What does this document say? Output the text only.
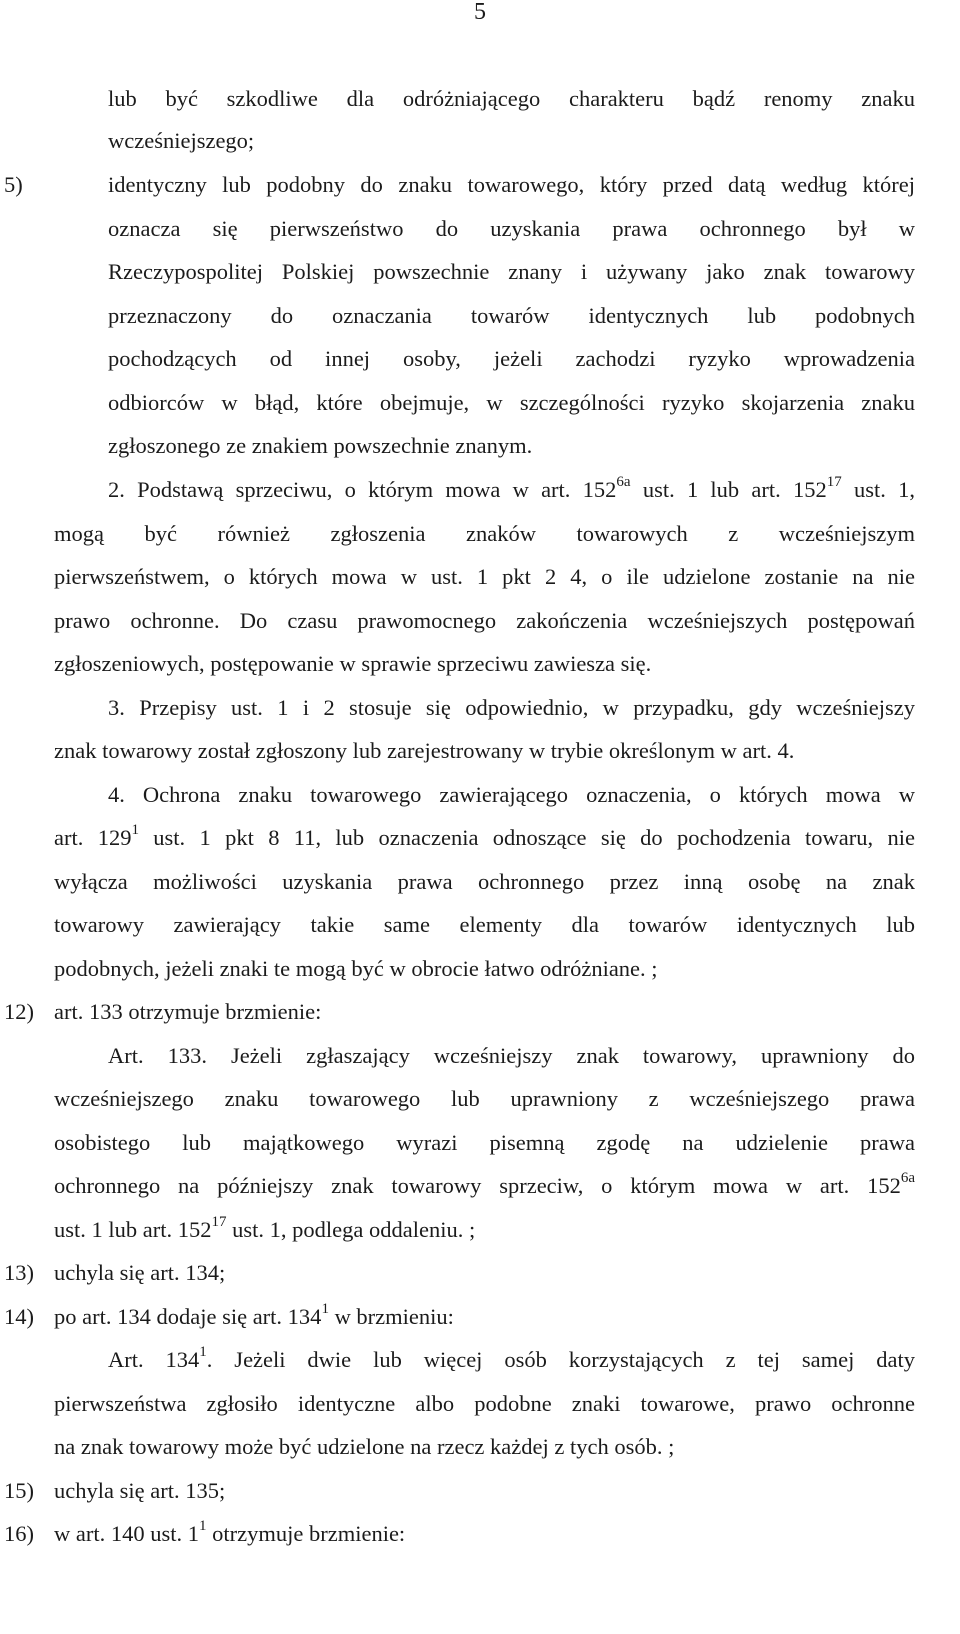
5
lub być szkodliwe dla odróżniającego charakteru bądź renomy znaku
wcześniejszego;
5)	identyczny lub podobny do znaku towarowego, który przed datą według której
oznacza się pierwszeństwo do uzyskania prawa ochronnego był w
Rzeczypospolitej Polskiej powszechnie znany i używany jako znak towarowy
przeznaczony do oznaczania towarów identycznych lub podobnych
pochodzących od innej osoby, jeżeli zachodzi ryzyko wprowadzenia
odbiorców w błąd, które obejmuje, w szczególności ryzyko skojarzenia znaku
zgłoszonego ze znakiem powszechnie znanym.
2. Podstawą sprzeciwu, o którym mowa w art. $152^{6a}$ ust. 1 lub art. $152^{17}$ ust. 1,
mogą być również zgłoszenia znaków towarowych z wcześniejszym
pierwszeństwem, o których mowa w ust. 1 pkt 2 4, o ile udzielone zostanie na nie
prawo ochronne. Do czasu prawomocnego zakończenia wcześniejszych postępowań
zgłoszeniowych, postępowanie w sprawie sprzeciwu zawiesza się.
3. Przepisy ust. 1 i 2 stosuje się odpowiednio, w przypadku, gdy wcześniejszy
znak towarowy został zgłoszony lub zarejestrowany w trybie określonym w art. 4.
4. Ochrona znaku towarowego zawierającego oznaczenia, o których mowa w
art. $129^1$ ust. 1 pkt 8 11, lub oznaczenia odnoszące się do pochodzenia towaru, nie
wyłącza możliwości uzyskania prawa ochronnego przez inną osobę na znak
towarowy zawierający takie same elementy dla towarów identycznych lub
podobnych, jeżeli znaki te mogą być w obrocie łatwo odróżniane. ;
12) art. 133 otrzymuje brzmienie:
Art. 133. Jeżeli zgłaszający wcześniejszy znak towarowy, uprawniony do
wcześniejszego znaku towarowego lub uprawniony z wcześniejszego prawa
osobistego lub majątkowego wyrazi pisemną zgodę na udzielenie prawa
ochronnego na późniejszy znak towarowy sprzeciw, o którym mowa w art. $152^{6a}$
ust. 1 lub art. $152^{17}$ ust. 1, podlega oddaleniu. ;
13) uchyla się art. 134;
14) po art. 134 dodaje się art. $134^1$ w brzmieniu:
Art. $134^1$. Jeżeli dwie lub więcej osób korzystających z tej samej daty
pierwszeństwa zgłosiło identyczne albo podobne znaki towarowe, prawo ochronne
na znak towarowy może być udzielone na rzecz każdej z tych osób. ;
15) uchyla się art. 135;
16) w art. 140 ust. $1^1$ otrzymuje brzmienie:
